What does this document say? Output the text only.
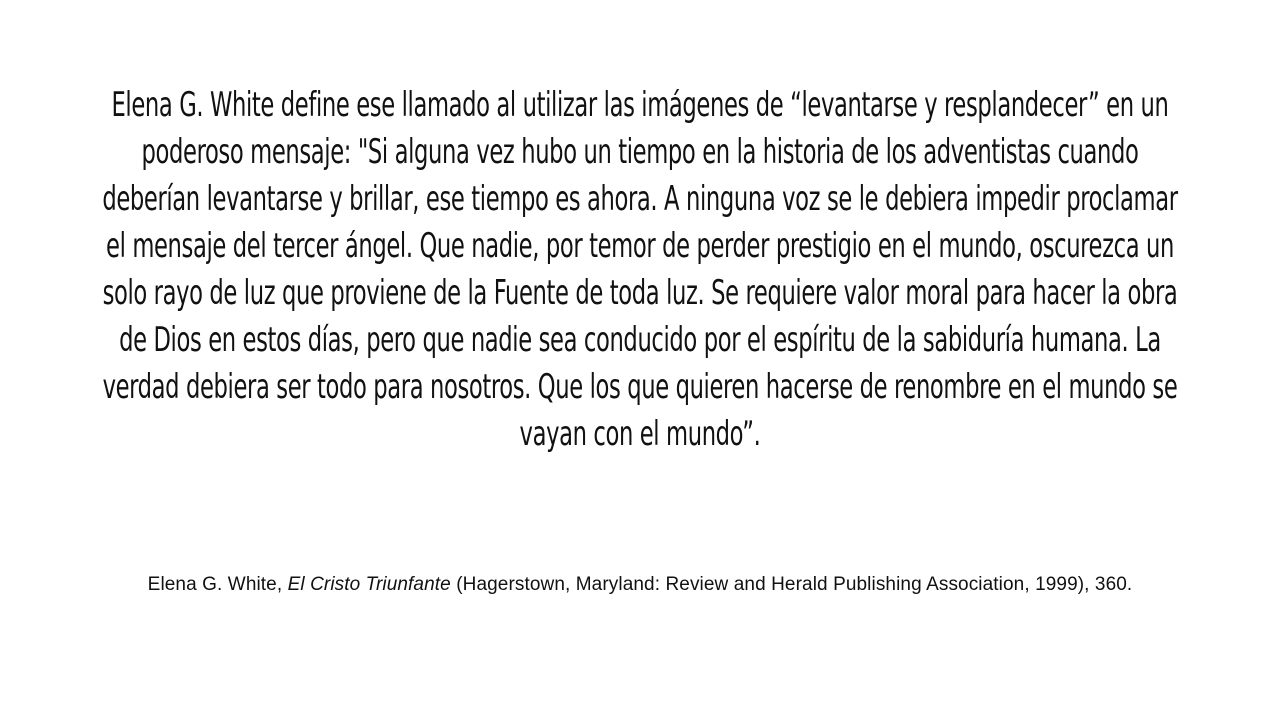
Elena G. White define ese llamado al utilizar las imágenes de “levantarse y resplandecer” en un poderoso mensaje: "Si alguna vez hubo un tiempo en la historia de los adventistas cuando deberían levantarse y brillar, ese tiempo es ahora. A ninguna voz se le debiera impedir proclamar el mensaje del tercer ángel. Que nadie, por temor de perder prestigio en el mundo, oscurezca un solo rayo de luz que proviene de la Fuente de toda luz. Se requiere valor moral para hacer la obra de Dios en estos días, pero que nadie sea conducido por el espíritu de la sabiduría humana. La verdad debiera ser todo para nosotros. Que los que quieren hacerse de renombre en el mundo se vayan con el mundo”.

Elena G. White, El Cristo Triunfante (Hagerstown, Maryland: Review and Herald Publishing Association, 1999), 360.
